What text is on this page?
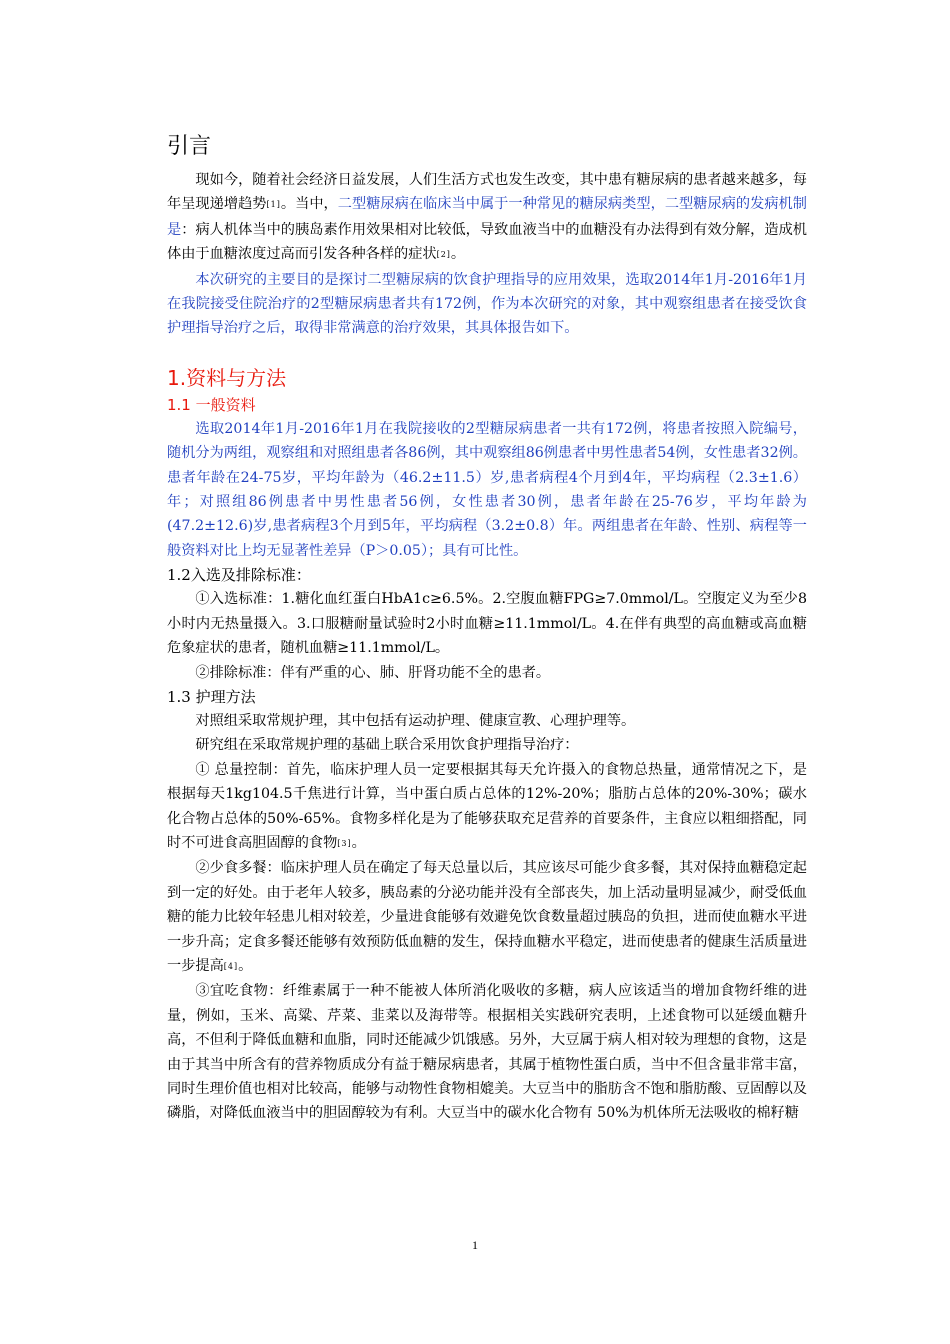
引言

现如今，随着社会经济日益发展，人们生活方式也发生改变，其中患有糖尿病的患者越来越多，每年呈现递增趋势[1]。当中，二型糖尿病在临床当中属于一种常见的糖尿病类型，二型糖尿病的发病机制是：病人机体当中的胰岛素作用效果相对比较低，导致血液当中的血糖没有办法得到有效分解，造成机体由于血糖浓度过高而引发各种各样的症状[2]。

本次研究的主要目的是探讨二型糖尿病的饮食护理指导的应用效果，选取2014年1月-2016年1月在我院接受住院治疗的2型糖尿病患者共有172例，作为本次研究的对象，其中观察组患者在接受饮食护理指导治疗之后，取得非常满意的治疗效果，其具体报告如下。

1.资料与方法
1.1 一般资料

选取2014年1月-2016年1月在我院接收的2型糖尿病患者一共有172例，将患者按照入院编号，随机分为两组，观察组和对照组患者各86例，其中观察组86例患者中男性患者54例，女性患者32例。患者年龄在24-75岁，平均年龄为（46.2±11.5）岁,患者病程4个月到4年，平均病程（2.3±1.6）年；对照组86例患者中男性患者56例，女性患者30例，患者年龄在25-76岁，平均年龄为(47.2±12.6)岁,患者病程3个月到5年，平均病程（3.2±0.8）年。两组患者在年龄、性别、病程等一般资料对比上均无显著性差异（P＞0.05）；具有可比性。

1.2入选及排除标准：

①入选标准：1.糖化血红蛋白HbA1c≥6.5%。2.空腹血糖FPG≥7.0mmol/L。空腹定义为至少8小时内无热量摄入。3.口服糖耐量试验时2小时血糖≥11.1mmol/L。4.在伴有典型的高血糖或高血糖危象症状的患者，随机血糖≥11.1mmol/L。

②排除标准：伴有严重的心、肺、肝肾功能不全的患者。

1.3 护理方法

对照组采取常规护理，其中包括有运动护理、健康宣教、心理护理等。

研究组在采取常规护理的基础上联合采用饮食护理指导治疗：

① 总量控制：首先，临床护理人员一定要根据其每天允许摄入的食物总热量，通常情况之下，是根据每天1kg104.5千焦进行计算，当中蛋白质占总体的12%-20%；脂肪占总体的20%-30%；碳水化合物占总体的50%-65%。食物多样化是为了能够获取充足营养的首要条件，主食应以粗细搭配，同时不可进食高胆固醇的食物[3]。

②少食多餐：临床护理人员在确定了每天总量以后，其应该尽可能少食多餐，其对保持血糖稳定起到一定的好处。由于老年人较多，胰岛素的分泌功能并没有全部丧失，加上活动量明显减少，耐受低血糖的能力比较年轻患儿相对较差，少量进食能够有效避免饮食数量超过胰岛的负担，进而使血糖水平进一步升高；定食多餐还能够有效预防低血糖的发生，保持血糖水平稳定，进而使患者的健康生活质量进一步提高[4]。

③宜吃食物：纤维素属于一种不能被人体所消化吸收的多糖，病人应该适当的增加食物纤维的进量，例如，玉米、高粱、芹菜、韭菜以及海带等。根据相关实践研究表明，上述食物可以延缓血糖升高，不但利于降低血糖和血脂，同时还能减少饥饿感。另外，大豆属于病人相对较为理想的食物，这是由于其当中所含有的营养物质成分有益于糖尿病患者，其属于植物性蛋白质，当中不但含量非常丰富，同时生理价值也相对比较高，能够与动物性食物相媲美。大豆当中的脂肪含不饱和脂肪酸、豆固醇以及磷脂，对降低血液当中的胆固醇较为有利。大豆当中的碳水化合物有 50%为机体所无法吸收的棉籽糖

1
